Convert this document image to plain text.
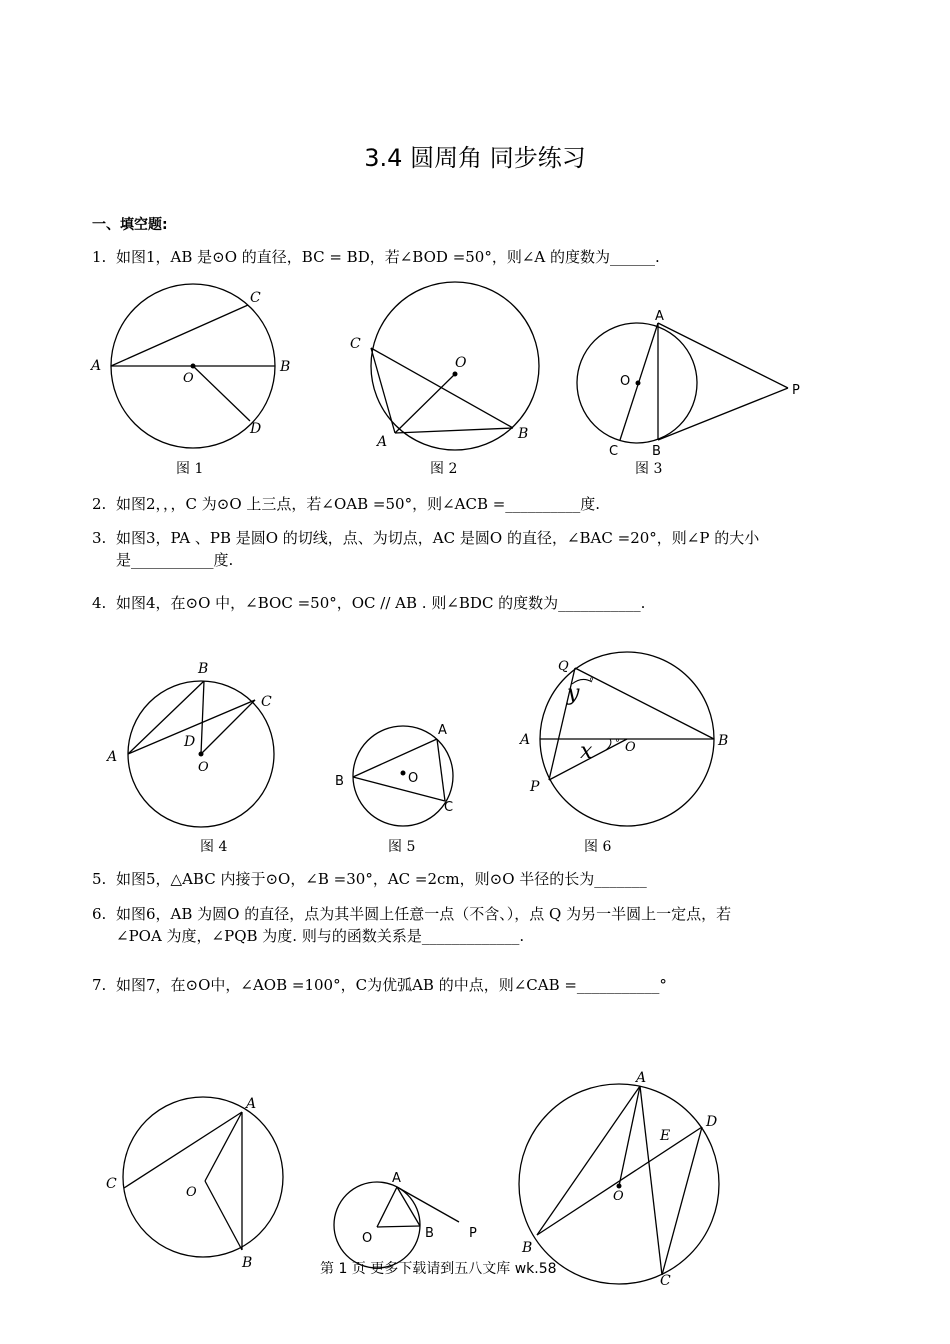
3.4 圆周角 同步练习
一、填空题:
1. 如图1，AB 是⊙O 的直径，BC = BD，若∠BOD =50°，则∠A 的度数为______.
A
C
B
O
D
图 1
C
O
A	B
图 2
A
O
P
C	B
图 3
2. 如图2，，，C 为⊙O 上三点，若∠OAB =50°，则∠ACB =__________度.
3. 如图3，PA 、PB 是圆O 的切线，点、为切点，AC 是圆O 的直径，∠BAC =20°，则∠P 的大小
是___________度.
4. 如图4，在⊙O 中，∠BOC =50°，OC // AB . 则∠BDC 的度数为___________.
B
C
A
D
O
图 4
A
B	O
C
图 5
Q
y °
A	B
x ° O
P
图 6
5. 如图5，△ABC 内接于⊙O，∠B =30°，AC =2cm，则⊙O 半径的长为_______
6. 如图6，AB 为圆O 的直径，点为其半圆上任意一点（不含、），点 Q 为另一半圆上一定点，若
∠POA 为度，∠PQB 为度. 则与的函数关系是_____________.
7. 如图7，在⊙O中，∠AOB =100°，C为优弧AB 的中点，则∠CAB =___________°
A
C
O
B
A
O	B	P
A
D
E
O
B
C
第 1 页 更多下载请到五八文库 wk.58
